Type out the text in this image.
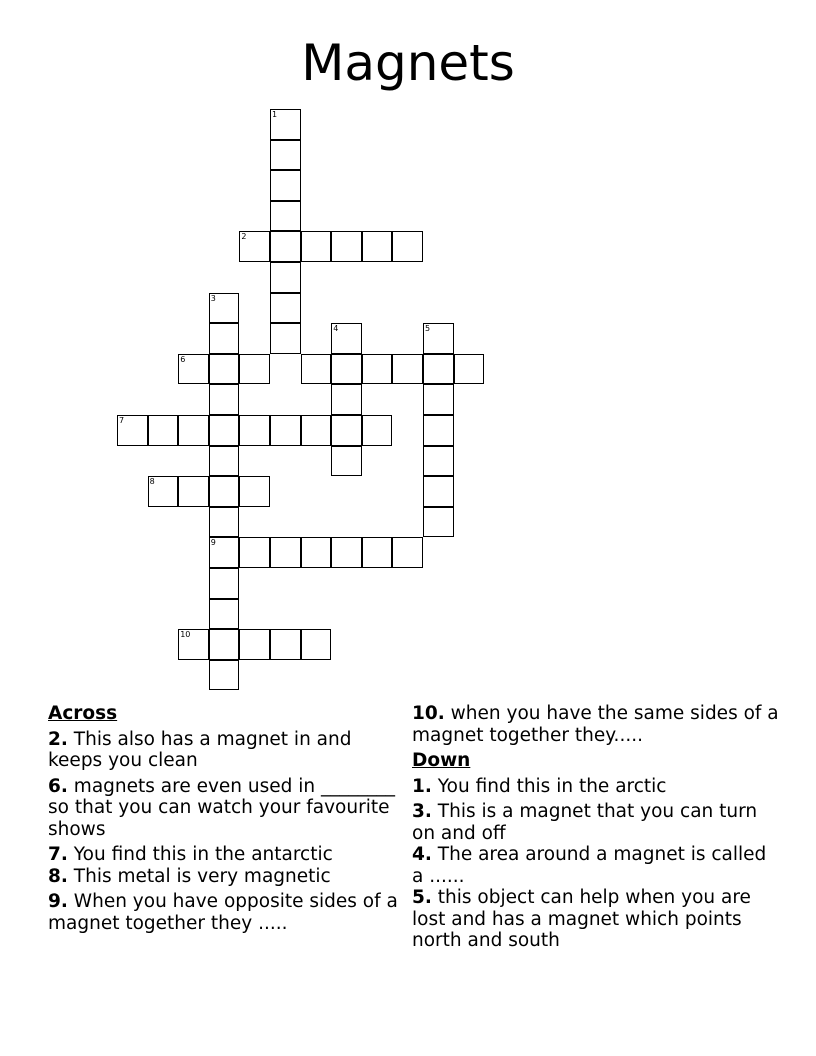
Magnets
1
2
3
4	5
6
7
8
9
10
Across
2. This also has a magnet in and keeps you clean
6. magnets are even used in ________ so that you can watch your favourite shows
7. You find this in the antarctic
8. This metal is very magnetic
9. When you have opposite sides of a magnet together they .....
10. when you have the same sides of a magnet together they.....
Down
1. You find this in the arctic
3. This is a magnet that you can turn on and off
4. The area around a magnet is called a ......
5. this object can help when you are lost and has a magnet which points north and south
